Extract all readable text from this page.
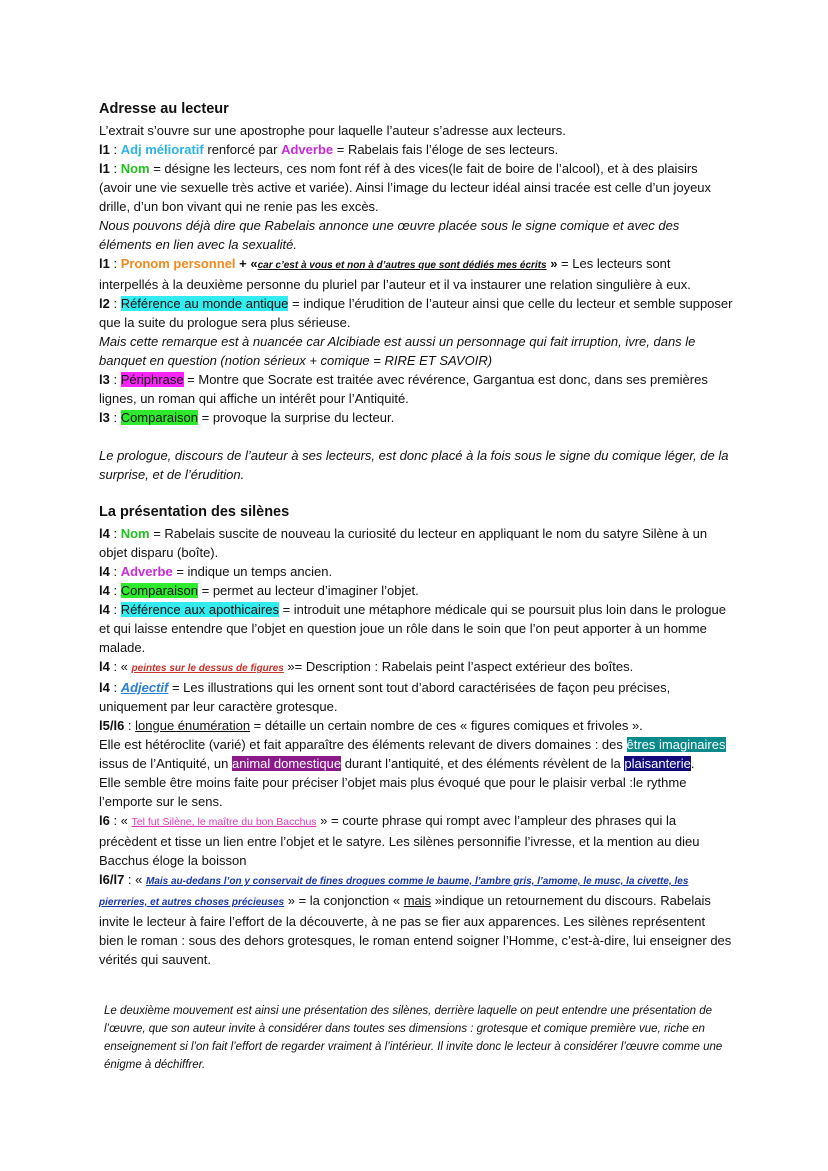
Adresse au lecteur

L’extrait s’ouvre sur une apostrophe pour laquelle l’auteur s’adresse aux lecteurs.

l1 : Adj mélioratif renforcé par Adverbe = Rabelais fais l’éloge de ses lecteurs.

l1 : Nom = désigne les lecteurs, ces nom font réf à des vices(le fait de boire de l’alcool), et à des plaisirs (avoir une vie sexuelle très active et variée). Ainsi l’image du lecteur idéal ainsi tracée est celle d’un joyeux drille, d’un bon vivant qui ne renie pas les excès.

Nous pouvons déjà dire que Rabelais annonce une œuvre placée sous le signe comique et avec des éléments en lien avec la sexualité.

l1 : Pronom personnel + «car c’est à vous et non à d’autres que sont dédiés mes écrits » = Les lecteurs sont interpellés à la deuxième personne du pluriel par l’auteur et il va instaurer une relation singulière à eux.

l2 : Référence au monde antique = indique l’érudition de l’auteur ainsi que celle du lecteur et semble supposer que la suite du prologue sera plus sérieuse.

Mais cette remarque est à nuancée car Alcibiade est aussi un personnage qui fait irruption, ivre, dans le banquet en question (notion sérieux + comique = RIRE ET SAVOIR)

l3 : Périphrase = Montre que Socrate est traitée avec révérence, Gargantua est donc, dans ses premières lignes, un roman qui affiche un intérêt pour l’Antiquité.

l3 : Comparaison = provoque la surprise du lecteur.

Le prologue, discours de l’auteur à ses lecteurs, est donc placé à la fois sous le signe du comique léger, de la surprise, et de l’érudition.

La présentation des silènes

l4 : Nom = Rabelais suscite de nouveau la curiosité du lecteur en appliquant le nom du satyre Silène à un objet disparu (boîte).

l4 : Adverbe = indique un temps ancien.

l4 : Comparaison = permet au lecteur d’imaginer l’objet.

l4 : Référence aux apothicaires = introduit une métaphore médicale qui se poursuit plus loin dans le prologue et qui laisse entendre que l’objet en question joue un rôle dans le soin que l’on peut apporter à un homme malade.

l4 : « peintes sur le dessus de figures »= Description : Rabelais peint l’aspect extérieur des boîtes.

l4 : Adjectif = Les illustrations qui les ornent sont tout d’abord caractérisées de façon peu précises, uniquement par leur caractère grotesque.

l5/l6 : longue énumération = détaille un certain nombre de ces « figures comiques et frivoles ».

Elle est hétéroclite (varié) et fait apparaître des éléments relevant de divers domaines : des êtres imaginaires issus de l’Antiquité, un animal domestique durant l’antiquité, et des éléments révèlent de la plaisanterie.

Elle semble être moins faite pour préciser l’objet mais plus évoqué que pour le plaisir verbal :le rythme l’emporte sur le sens.

l6 : « Tel fut Silène, le maître du bon Bacchus » = courte phrase qui rompt avec l’ampleur des phrases qui la précèdent et tisse un lien entre l’objet et le satyre. Les silènes personnifie l’ivresse, et la mention au dieu Bacchus éloge la boisson

l6/l7 : « Mais au-dedans l’on y conservait de fines drogues comme le baume, l’ambre gris, l’amome, le musc, la civette, les pierreries, et autres choses précieuses » = la conjonction « mais »indique un retournement du discours. Rabelais invite le lecteur à faire l’effort de la découverte, à ne pas se fier aux apparences. Les silènes représentent bien le roman : sous des dehors grotesques, le roman entend soigner l’Homme, c’est-à-dire, lui enseigner des vérités qui sauvent.

Le deuxième mouvement est ainsi une présentation des silènes, derrière laquelle on peut entendre une présentation de l’œuvre, que son auteur invite à considérer dans toutes ses dimensions : grotesque et comique première vue, riche en enseignement si l’on fait l’effort de regarder vraiment à l’intérieur. Il invite donc le lecteur à considérer l’œuvre comme une énigme à déchiffrer.
